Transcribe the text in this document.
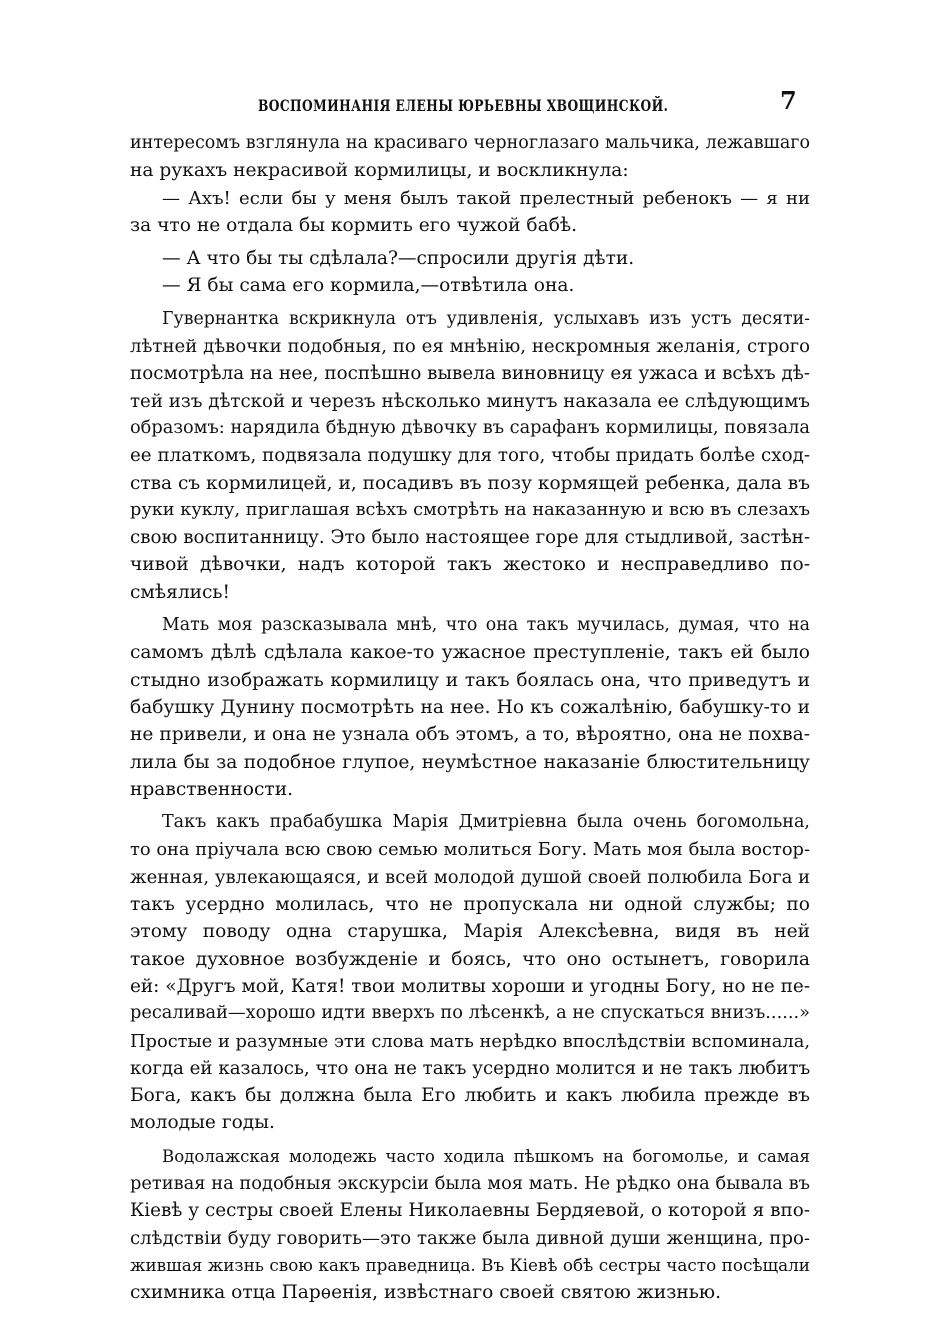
ВОСПОМИНАНІЯ ЕЛЕНЫ ЮРЬЕВНЫ ХВОЩИНСКОЙ.	7
интересомъ взглянула на красиваго черноглазаго мальчика, лежавшаго
на рукахъ некрасивой кормилицы, и воскликнула:
— Ахъ! если бы у меня былъ такой прелестный ребенокъ — я ни
за что не отдала бы кормить его чужой бабѣ.
— А что бы ты сдѣлала?—спросили другія дѣти.
— Я бы сама его кормила,—отвѣтила она.
Гувернантка вскрикнула отъ удивленія, услыхавъ изъ устъ десяти-
лѣтней дѣвочки подобныя, по ея мнѣнію, нескромныя желанія, строго
посмотрѣла на нее, поспѣшно вывела виновницу ея ужаса и всѣхъ дѣ-
тей изъ дѣтской и черезъ нѣсколько минутъ наказала ее слѣдующимъ
образомъ: нарядила бѣдную дѣвочку въ сарафанъ кормилицы, повязала
ее платкомъ, подвязала подушку для того, чтобы придать болѣе сход-
ства съ кормилицей, и, посадивъ въ позу кормящей ребенка, дала въ
руки куклу, приглашая всѣхъ смотрѣть на наказанную и всю въ слезахъ
свою воспитанницу. Это было настоящее горе для стыдливой, застѣн-
чивой дѣвочки, надъ которой такъ жестоко и несправедливо по-
смѣялись!
Мать моя разсказывала мнѣ, что она такъ мучилась, думая, что на
самомъ дѣлѣ сдѣлала какое-то ужасное преступленіе, такъ ей было
стыдно изображать кормилицу и такъ боялась она, что приведутъ и
бабушку Дунину посмотрѣть на нее. Но къ сожалѣнію, бабушку-то и
не привели, и она не узнала объ этомъ, а то, вѣроятно, она не похва-
лила бы за подобное глупое, неумѣстное наказаніе блюстительницу
нравственности.
Такъ какъ прабабушка Марія Дмитріевна была очень богомольна,
то она пріучала всю свою семью молиться Богу. Мать моя была востор-
женная, увлекающаяся, и всей молодой душой своей полюбила Бога и
такъ усердно молилась, что не пропускала ни одной службы; по
этому поводу одна старушка, Марія Алексѣевна, видя въ ней
такое духовное возбужденіе и боясь, что оно остынетъ, говорила
ей: «Другъ мой, Катя! твои молитвы хороши и угодны Богу, но не пе-
ресаливай—хорошо идти вверхъ по лѣсенкѣ, а не спускаться внизъ......»
Простые и разумные эти слова мать нерѣдко впослѣдствіи вспоминала,
когда ей казалось, что она не такъ усердно молится и не такъ любитъ
Бога, какъ бы должна была Его любить и какъ любила прежде въ
молодые годы.
Водолажская молодежь часто ходила пѣшкомъ на богомолье, и самая
ретивая на подобныя экскурсіи была моя мать. Не рѣдко она бывала въ
Кіевѣ у сестры своей Елены Николаевны Бердяевой, о которой я впо-
слѣдствіи буду говорить—это также была дивной души женщина, про-
жившая жизнь свою какъ праведница. Въ Кіевѣ обѣ сестры часто посѣщали
схимника отца Парѳенія, извѣстнаго своей святою жизнью.
